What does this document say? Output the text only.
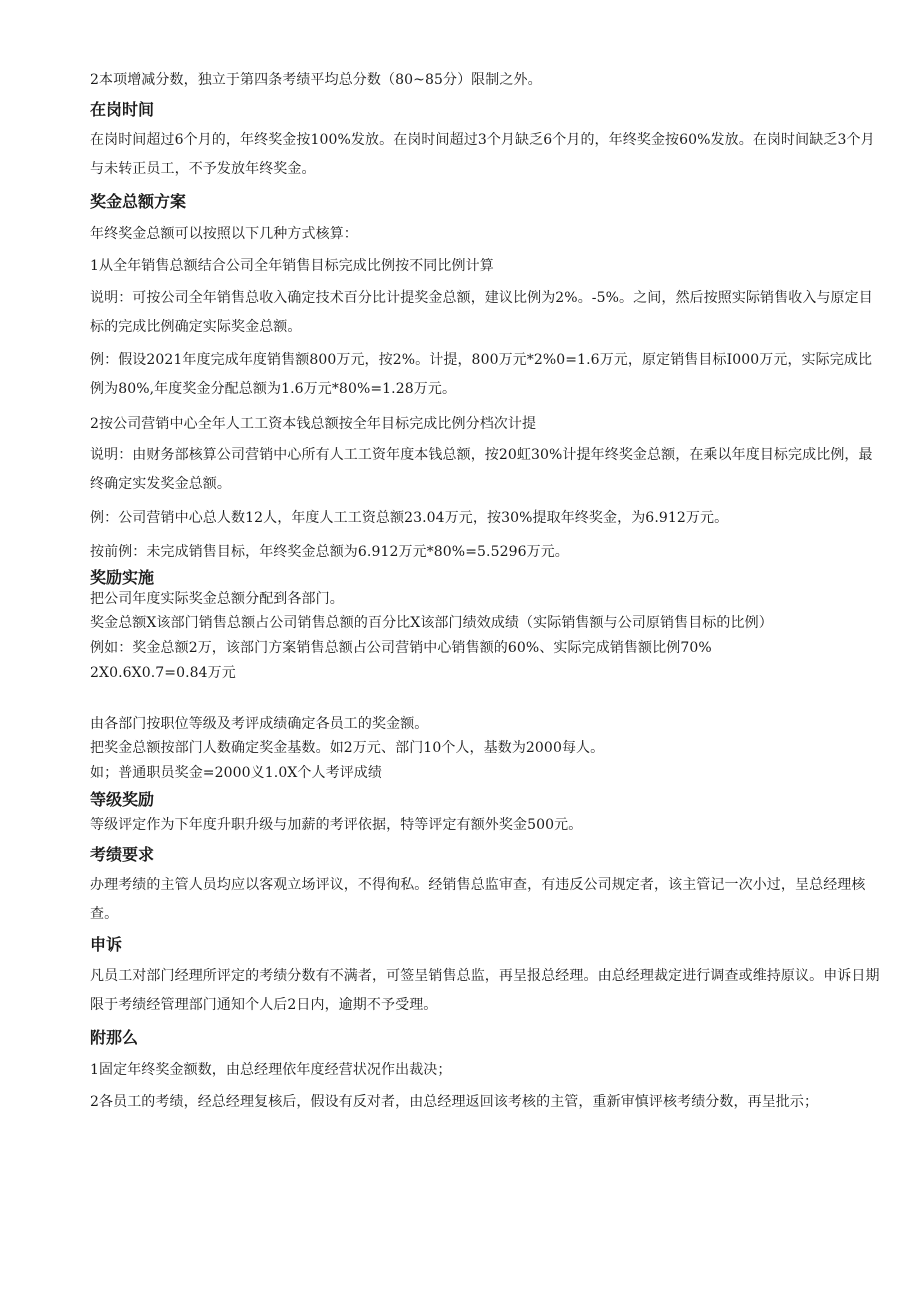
2本项增减分数，独立于第四条考绩平均总分数（80~85分）限制之外。

在岗时间

在岗时间超过6个月的，年终奖金按100%发放。在岗时间超过3个月缺乏6个月的，年终奖金按60%发放。在岗时间缺乏3个月与未转正员工，不予发放年终奖金。

奖金总额方案

年终奖金总额可以按照以下几种方式核算：

1从全年销售总额结合公司全年销售目标完成比例按不同比例计算

说明：可按公司全年销售总收入确定技术百分比计提奖金总额，建议比例为2%。-5%。之间，然后按照实际销售收入与原定目标的完成比例确定实际奖金总额。

例：假设2021年度完成年度销售额800万元，按2%。计提，800万元*2%0=1.6万元，原定销售目标I000万元，实际完成比例为80%,年度奖金分配总额为1.6万元*80%=1.28万元。

2按公司营销中心全年人工工资本钱总额按全年目标完成比例分档次计提

说明：由财务部核算公司营销中心所有人工工资年度本钱总额，按20虹30%计提年终奖金总额，在乘以年度目标完成比例，最终确定实发奖金总额。

例：公司营销中心总人数12人，年度人工工资总额23.04万元，按30%提取年终奖金，为6.912万元。

按前例：未完成销售目标，年终奖金总额为6.912万元*80%=5.5296万元。

奖励实施

把公司年度实际奖金总额分配到各部门。

奖金总额X该部门销售总额占公司销售总额的百分比X该部门绩效成绩（实际销售额与公司原销售目标的比例）

例如：奖金总额2万，该部门方案销售总额占公司营销中心销售额的60%、实际完成销售额比例70%

2X0.6X0.7=0.84万元

由各部门按职位等级及考评成绩确定各员工的奖金额。

把奖金总额按部门人数确定奖金基数。如2万元、部门10个人，基数为2000每人。

如；普通职员奖金=2000义1.0X个人考评成绩

等级奖励

等级评定作为下年度升职升级与加薪的考评依据，特等评定有额外奖金500元。

考绩要求

办理考绩的主管人员均应以客观立场评议，不得徇私。经销售总监审查，有违反公司规定者，该主管记一次小过，呈总经理核查。

申诉

凡员工对部门经理所评定的考绩分数有不满者，可签呈销售总监，再呈报总经理。由总经理裁定进行调查或维持原议。申诉日期限于考绩经管理部门通知个人后2日内，逾期不予受理。

附那么

1固定年终奖金额数，由总经理依年度经营状况作出裁决；

2各员工的考绩，经总经理复核后，假设有反对者，由总经理返回该考核的主管，重新审慎评核考绩分数，再呈批示；
